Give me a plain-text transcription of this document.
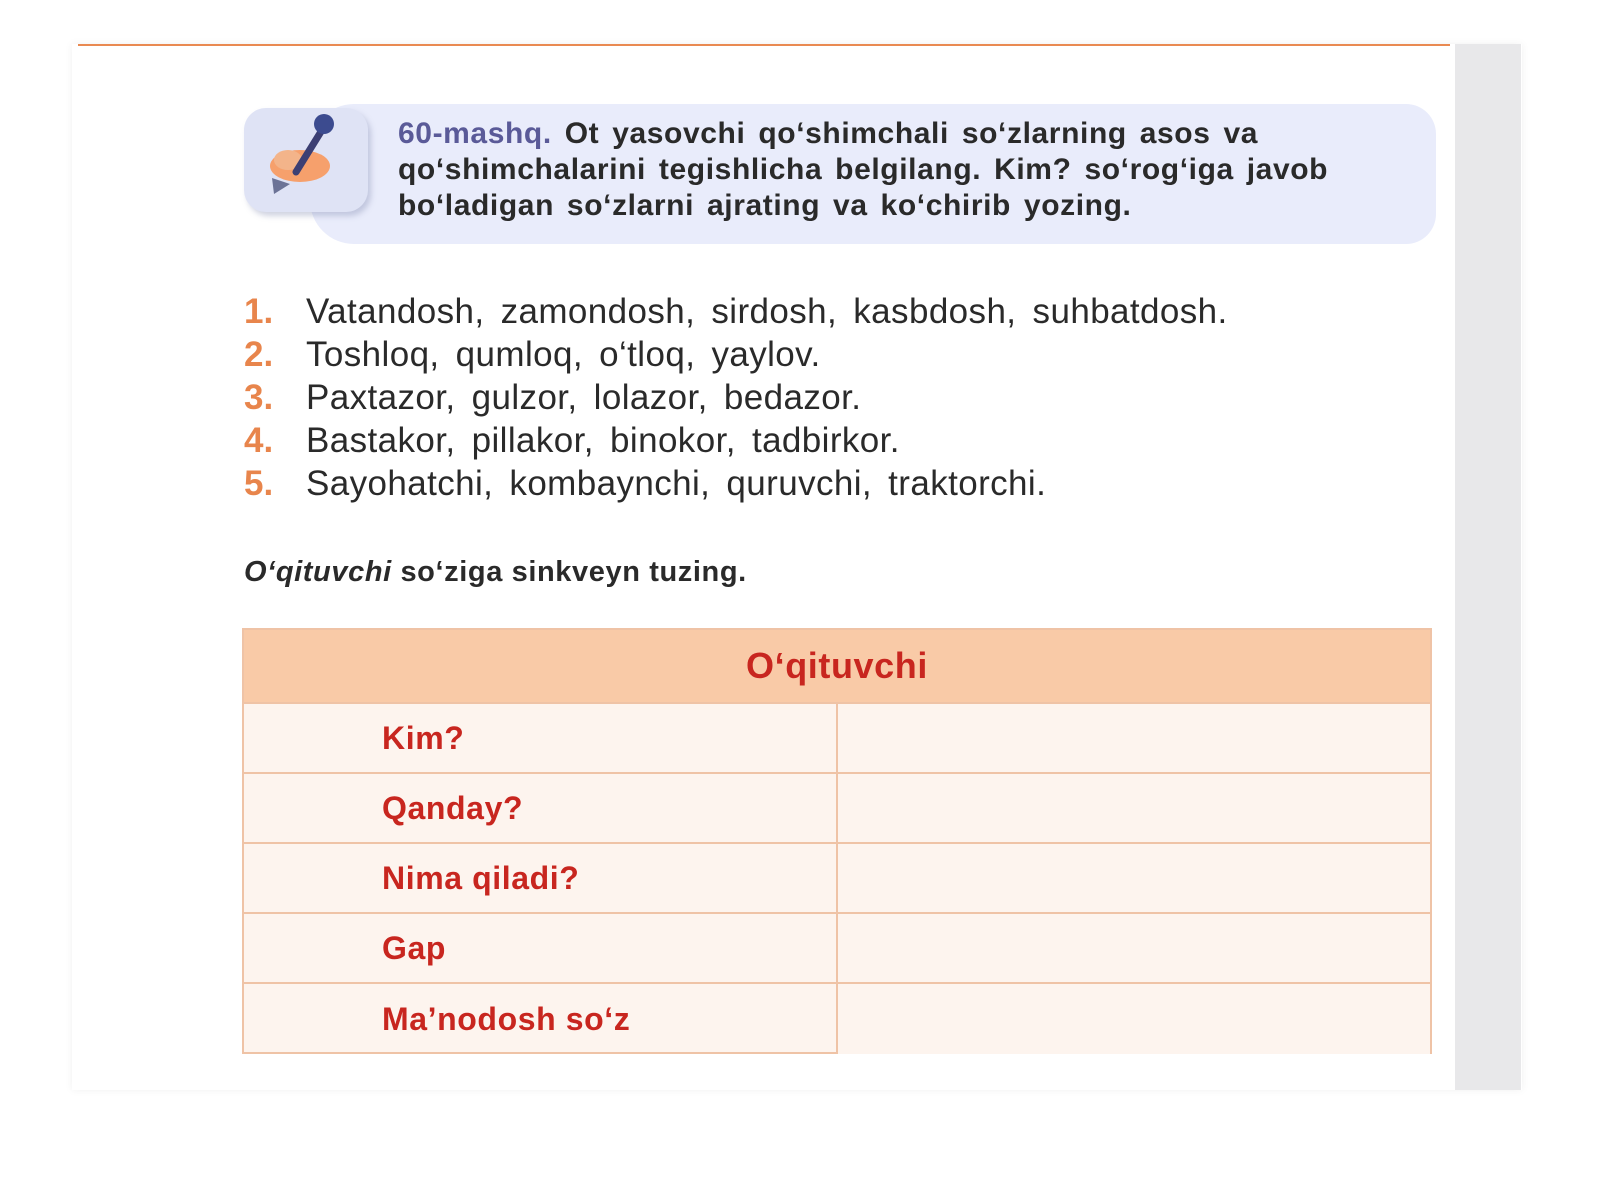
60-mashq. Ot yasovchi qo‘shimchali so‘zlarning asos va qo‘shimchalarini tegishlicha belgilang. Kim? so‘rog‘iga javob bo‘ladigan so‘zlarni ajrating va ko‘chirib yozing.
1. Vatandosh, zamondosh, sirdosh, kasbdosh, suhbatdosh.
2. Toshloq, qumloq, o‘tloq, yaylov.
3. Paxtazor, gulzor, lolazor, bedazor.
4. Bastakor, pillakor, binokor, tadbirkor.
5. Sayohatchi, kombaynchi, quruvchi, traktorchi.
O‘qituvchi so‘ziga sinkveyn tuzing.
O‘qituvchi
Kim?
Qanday?
Nima qiladi?
Gap
Ma’nodosh so‘z
